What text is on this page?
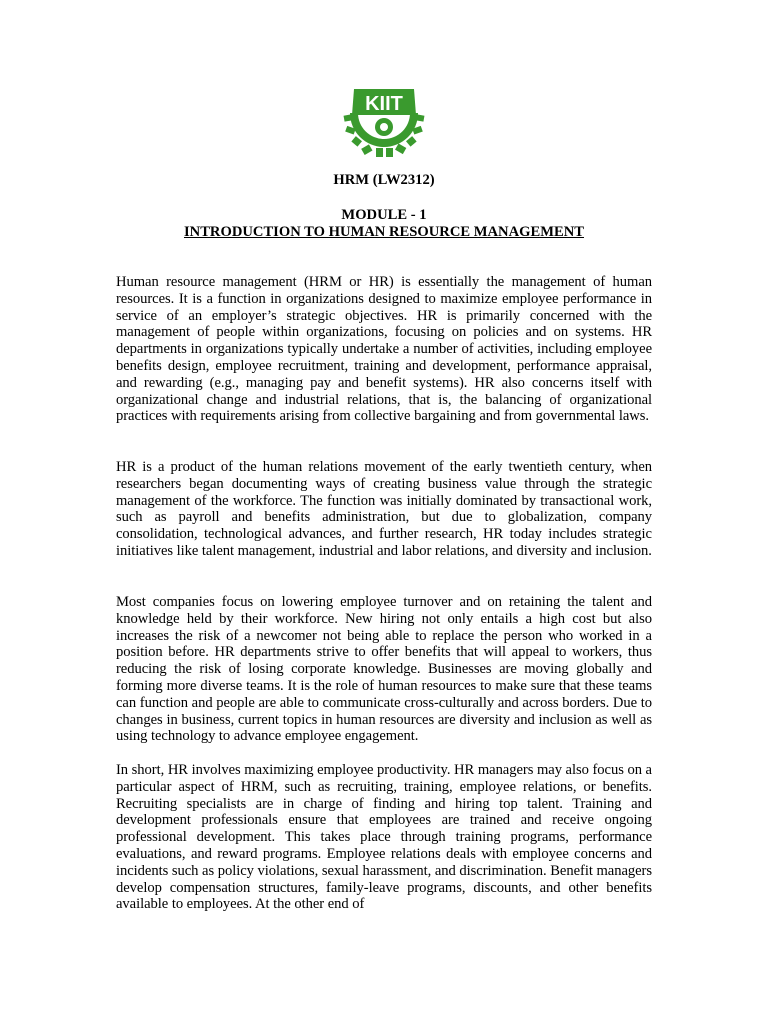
KIIT
HRM (LW2312)
MODULE - 1
INTRODUCTION TO HUMAN RESOURCE MANAGEMENT

Human resource management (HRM or HR) is essentially the management of human resources. It is a function in organizations designed to maximize employee performance in service of an employer’s strategic objectives. HR is primarily concerned with the management of people within organizations, focusing on policies and on systems. HR departments in organizations typically undertake a number of activities, including employee benefits design, employee recruitment, training and development, performance appraisal, and rewarding (e.g., managing pay and benefit systems). HR also concerns itself with organizational change and industrial relations, that is, the balancing of organizational practices with requirements arising from collective bargaining and from governmental laws.

HR is a product of the human relations movement of the early twentieth century, when researchers began documenting ways of creating business value through the strategic management of the workforce. The function was initially dominated by transactional work, such as payroll and benefits administration, but due to globalization, company consolidation, technological advances, and further research, HR today includes strategic initiatives like talent management, industrial and labor relations, and diversity and inclusion.

Most companies focus on lowering employee turnover and on retaining the talent and knowledge held by their workforce. New hiring not only entails a high cost but also increases the risk of a newcomer not being able to replace the person who worked in a position before. HR departments strive to offer benefits that will appeal to workers, thus reducing the risk of losing corporate knowledge. Businesses are moving globally and forming more diverse teams. It is the role of human resources to make sure that these teams can function and people are able to communicate cross-culturally and across borders. Due to changes in business, current topics in human resources are diversity and inclusion as well as using technology to advance employee engagement.

In short, HR involves maximizing employee productivity. HR managers may also focus on a particular aspect of HRM, such as recruiting, training, employee relations, or benefits. Recruiting specialists are in charge of finding and hiring top talent. Training and development professionals ensure that employees are trained and receive ongoing professional development. This takes place through training programs, performance evaluations, and reward programs. Employee relations deals with employee concerns and incidents such as policy violations, sexual harassment, and discrimination. Benefit managers develop compensation structures, family-leave programs, discounts, and other benefits available to employees. At the other end of
